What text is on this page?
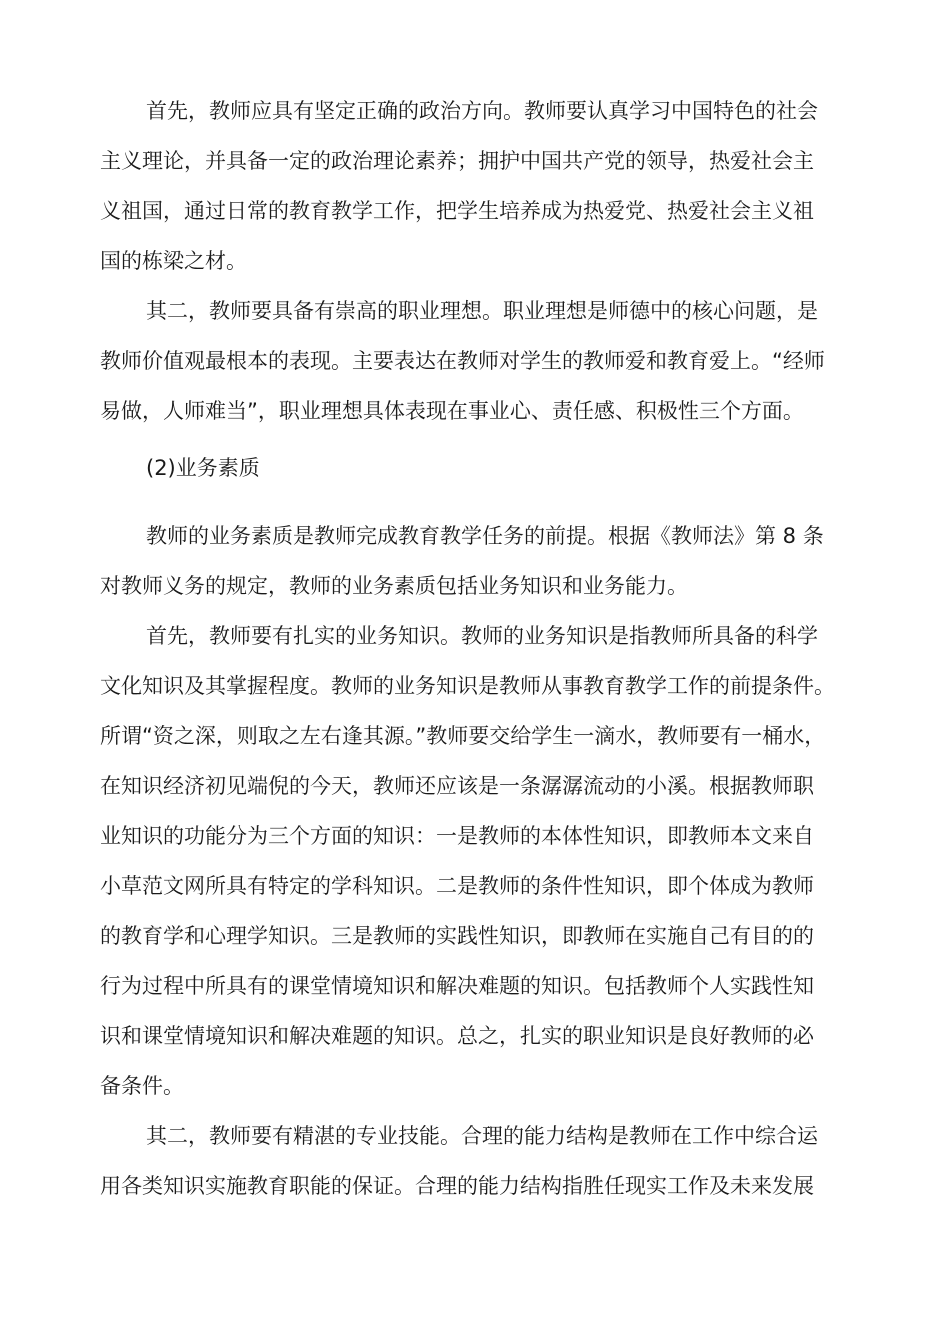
首先，教师应具有坚定正确的政治方向。教师要认真学习中国特色的社会

主义理论，并具备一定的政治理论素养；拥护中国共产党的领导，热爱社会主

义祖国，通过日常的教育教学工作，把学生培养成为热爱党、热爱社会主义祖

国的栋梁之材。

其二，教师要具备有崇高的职业理想。职业理想是师德中的核心问题，是

教师价值观最根本的表现。主要表达在教师对学生的教师爱和教育爱上。“经师

易做，人师难当”，职业理想具体表现在事业心、责任感、积极性三个方面。

(2)业务素质

教师的业务素质是教师完成教育教学任务的前提。根据《教师法》第 8 条

对教师义务的规定，教师的业务素质包括业务知识和业务能力。

首先，教师要有扎实的业务知识。教师的业务知识是指教师所具备的科学

文化知识及其掌握程度。教师的业务知识是教师从事教育教学工作的前提条件。

所谓“资之深，则取之左右逢其源。”教师要交给学生一滴水，教师要有一桶水，

在知识经济初见端倪的今天，教师还应该是一条潺潺流动的小溪。根据教师职

业知识的功能分为三个方面的知识：一是教师的本体性知识，即教师本文来自

小草范文网所具有特定的学科知识。二是教师的条件性知识，即个体成为教师

的教育学和心理学知识。三是教师的实践性知识，即教师在实施自己有目的的

行为过程中所具有的课堂情境知识和解决难题的知识。包括教师个人实践性知

识和课堂情境知识和解决难题的知识。总之，扎实的职业知识是良好教师的必

备条件。

其二，教师要有精湛的专业技能。合理的能力结构是教师在工作中综合运

用各类知识实施教育职能的保证。合理的能力结构指胜任现实工作及未来发展
